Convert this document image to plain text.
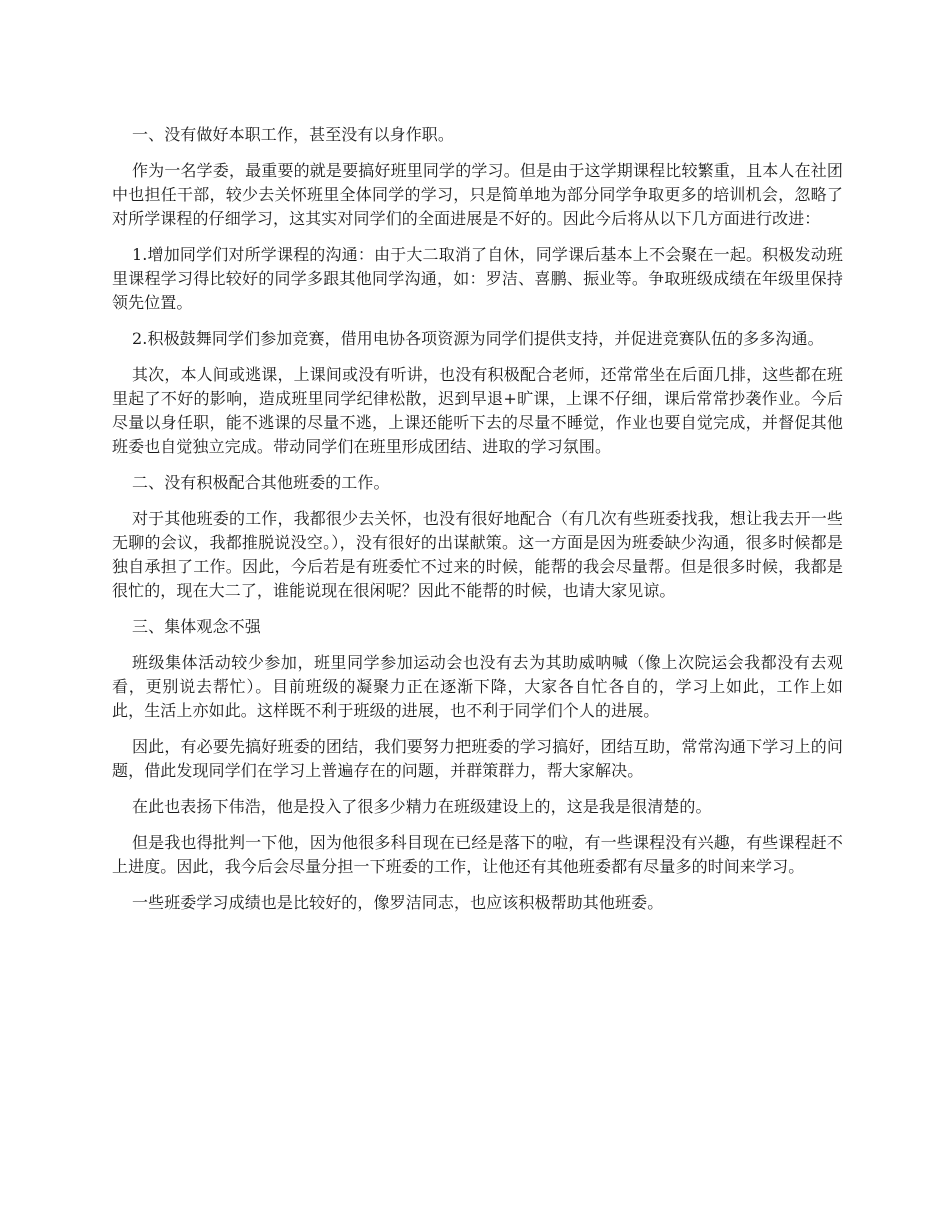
一、没有做好本职工作，甚至没有以身作职。

作为一名学委，最重要的就是要搞好班里同学的学习。但是由于这学期课程比较繁重，且本人在社团中也担任干部，较少去关怀班里全体同学的学习，只是简单地为部分同学争取更多的培训机会，忽略了对所学课程的仔细学习，这其实对同学们的全面进展是不好的。因此今后将从以下几方面进行改进：

1.增加同学们对所学课程的沟通：由于大二取消了自休，同学课后基本上不会聚在一起。积极发动班里课程学习得比较好的同学多跟其他同学沟通，如：罗洁、喜鹏、振业等。争取班级成绩在年级里保持领先位置。

2.积极鼓舞同学们参加竞赛，借用电协各项资源为同学们提供支持，并促进竞赛队伍的多多沟通。

其次，本人间或逃课，上课间或没有听讲，也没有积极配合老师，还常常坐在后面几排，这些都在班里起了不好的影响，造成班里同学纪律松散，迟到早退+旷课，上课不仔细，课后常常抄袭作业。今后尽量以身任职，能不逃课的尽量不逃，上课还能听下去的尽量不睡觉，作业也要自觉完成，并督促其他班委也自觉独立完成。带动同学们在班里形成团结、进取的学习氛围。

二、没有积极配合其他班委的工作。

对于其他班委的工作，我都很少去关怀，也没有很好地配合（有几次有些班委找我，想让我去开一些无聊的会议，我都推脱说没空。），没有很好的出谋献策。这一方面是因为班委缺少沟通，很多时候都是独自承担了工作。因此，今后若是有班委忙不过来的时候，能帮的我会尽量帮。但是很多时候，我都是很忙的，现在大二了，谁能说现在很闲呢？因此不能帮的时候，也请大家见谅。

三、集体观念不强

班级集体活动较少参加，班里同学参加运动会也没有去为其助威呐喊（像上次院运会我都没有去观看，更别说去帮忙）。目前班级的凝聚力正在逐渐下降，大家各自忙各自的，学习上如此，工作上如此，生活上亦如此。这样既不利于班级的进展，也不利于同学们个人的进展。

因此，有必要先搞好班委的团结，我们要努力把班委的学习搞好，团结互助，常常沟通下学习上的问题，借此发现同学们在学习上普遍存在的问题，并群策群力，帮大家解决。

在此也表扬下伟浩，他是投入了很多少精力在班级建设上的，这是我是很清楚的。

但是我也得批判一下他，因为他很多科目现在已经是落下的啦，有一些课程没有兴趣，有些课程赶不上进度。因此，我今后会尽量分担一下班委的工作，让他还有其他班委都有尽量多的时间来学习。

一些班委学习成绩也是比较好的，像罗洁同志，也应该积极帮助其他班委。
